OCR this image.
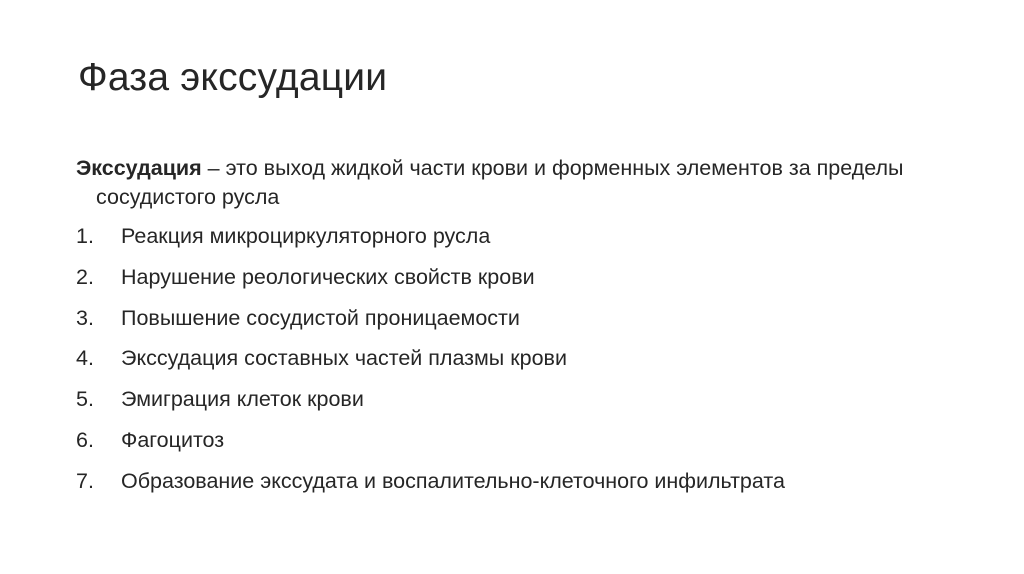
Фаза экссудации

Экссудация – это выход жидкой части крови и форменных элементов за пределы сосудистого русла

1.	Реакция микроциркуляторного русла
2.	Нарушение реологических свойств крови
3.	Повышение сосудистой проницаемости
4.	Экссудация составных частей плазмы крови
5.	Эмиграция клеток крови
6.	Фагоцитоз
7.	Образование экссудата и воспалительно-клеточного инфильтрата
